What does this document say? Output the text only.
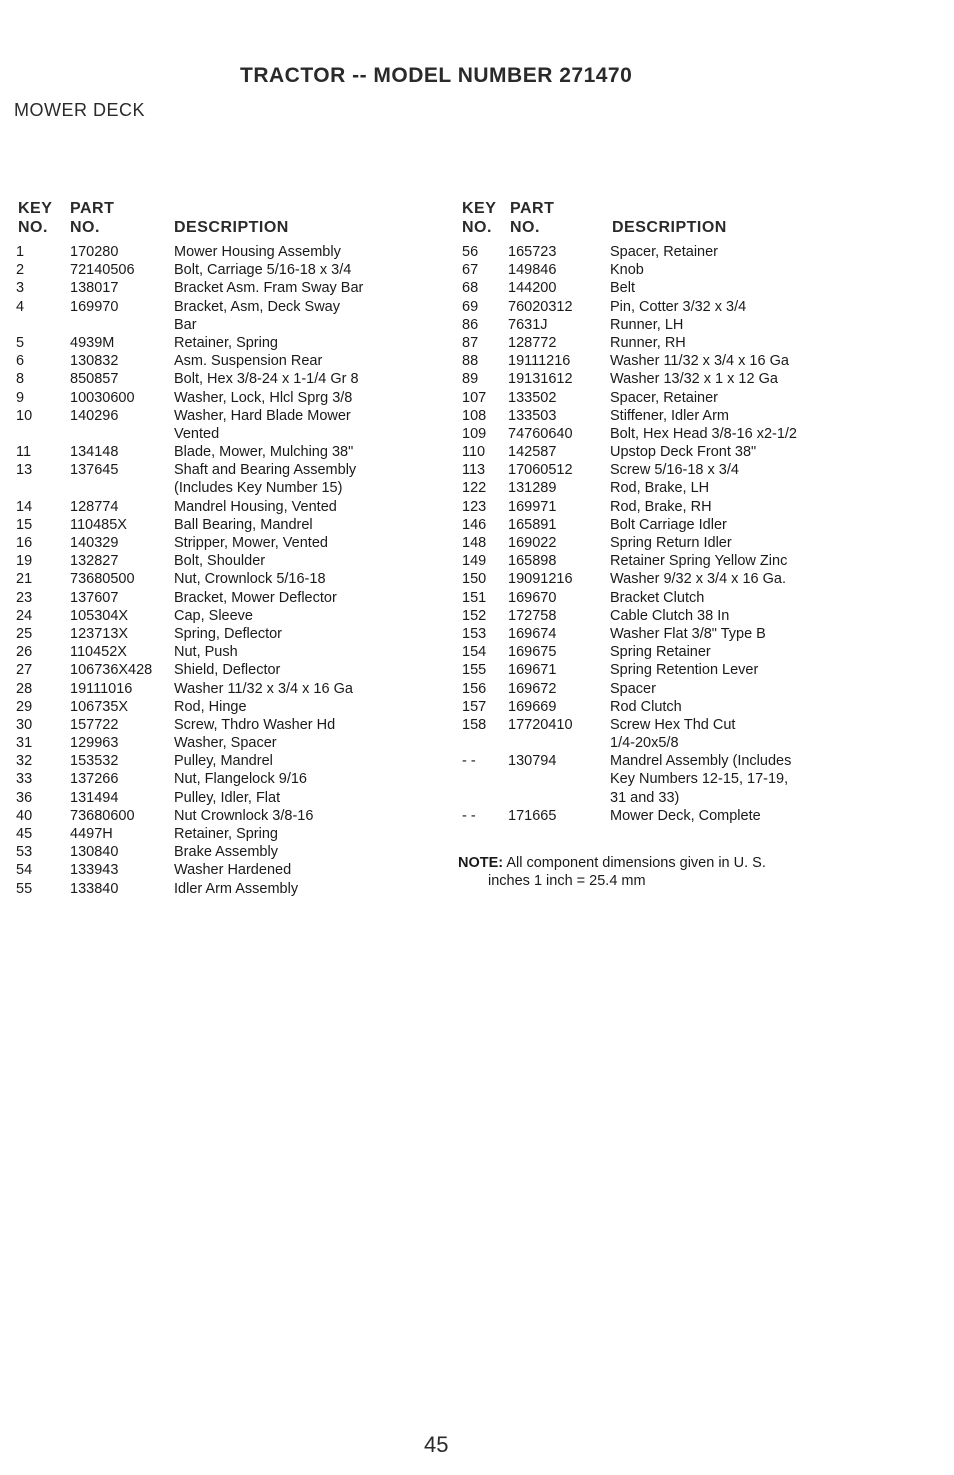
TRACTOR -- MODEL NUMBER 271470
MOWER DECK
KEY PART
NO. NO.	DESCRIPTION
KEY PART
NO. NO.	DESCRIPTION
1	170280	Mower Housing Assembly
2	72140506	Bolt, Carriage 5/16-18 x 3/4
3	138017	Bracket Asm. Fram Sway Bar
4	169970	Bracket, Asm, Deck Sway
Bar
5	4939M	Retainer, Spring
6	130832	Asm. Suspension Rear
8	850857	Bolt, Hex 3/8-24 x 1-1/4 Gr 8
9	10030600	Washer, Lock, Hlcl Sprg 3/8
10	140296	Washer, Hard Blade Mower
Vented
11	134148	Blade, Mower, Mulching 38"
13	137645	Shaft and Bearing Assembly
(Includes Key Number 15)
14	128774	Mandrel Housing, Vented
15	110485X	Ball Bearing, Mandrel
16	140329	Stripper, Mower, Vented
19	132827	Bolt, Shoulder
21	73680500	Nut, Crownlock 5/16-18
23	137607	Bracket, Mower Deflector
24	105304X	Cap, Sleeve
25	123713X	Spring, Deflector
26	110452X	Nut, Push
27	106736X428 Shield, Deflector
28	19111016	Washer 11/32 x 3/4 x 16 Ga
29	106735X	Rod, Hinge
30	157722	Screw, Thdro Washer Hd
31	129963	Washer, Spacer
32	153532	Pulley, Mandrel
33	137266	Nut, Flangelock 9/16
36	131494	Pulley, Idler, Flat
40	73680600	Nut Crownlock 3/8-16
45	4497H	Retainer, Spring
53	130840	Brake Assembly
54	133943	Washer Hardened
55	133840	Idler Arm Assembly
56 165723	Spacer, Retainer
67 149846	Knob
68 144200	Belt
69 76020312	Pin, Cotter 3/32 x 3/4
86 7631J	Runner, LH
87 128772	Runner, RH
88 19111216	Washer 11/32 x 3/4 x 16 Ga
89 19131612	Washer 13/32 x 1 x 12 Ga
107 133502	Spacer, Retainer
108 133503	Stiffener, Idler Arm
109 74760640	Bolt, Hex Head 3/8-16 x2-1/2
110 142587	Upstop Deck Front 38"
113 17060512	Screw 5/16-18 x 3/4
122 131289	Rod, Brake, LH
123 169971	Rod, Brake, RH
146 165891	Bolt Carriage Idler
148 169022	Spring Return Idler
149 165898	Retainer Spring Yellow Zinc
150 19091216	Washer 9/32 x 3/4 x 16 Ga.
151 169670	Bracket Clutch
152 172758	Cable Clutch 38 In
153 169674	Washer Flat 3/8" Type B
154 169675	Spring Retainer
155 169671	Spring Retention Lever
156 169672	Spacer
157 169669	Rod Clutch
158 17720410	Screw Hex Thd Cut
1/4-20x5/8
- - 130794	Mandrel Assembly (Includes
Key Numbers 12-15, 17-19,
31 and 33)
- - 171665	Mower Deck, Complete
NOTE: All component dimensions given in U. S.
inches 1 inch = 25.4 mm
45
